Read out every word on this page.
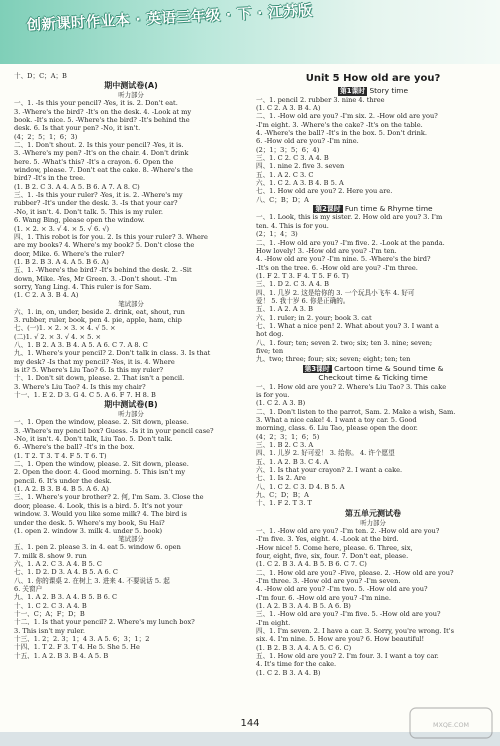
创新课时作业本 · 英语三年级 · 下 · 江苏版
十、D；C；A；B
期中测试卷(A)
听力部分
一、1. -Is this your pencil? -Yes, it is. 2. Don't eat.
3. -Where's the bird? -It's on the desk. 4. -Look at my
book. -It's nice. 5. -Where's the bird? -It's behind the
desk. 6. Is that your pen? -No, it isn't.
(4；2；5；1；6；3)
二、1. Don't shout. 2. Is this your pencil? -Yes, it is.
3. -Where's my pen? -It's on the chair. 4. Don't drink
here. 5. -What's this? -It's a crayon. 6. Open the
window, please. 7. Don't eat the cake. 8. -Where's the
bird? -It's in the tree.
(1. B 2. C 3. A 4. A 5. B 6. A 7. A 8. C)
三、1. -Is this your ruler? -Yes, it is. 2. -Where's my
rubber? -It's under the desk. 3. -Is that your car?
-No, it isn't. 4. Don't talk. 5. This is my ruler.
6. Wang Bing, please open the window.
(1. × 2. × 3. √ 4. × 5. √ 6. √)
四、1. This robot is for you. 2. Is this your ruler? 3. Where
are my books? 4. Where's my book? 5. Don't close the
door, Mike. 6. Where's the ruler?
(1. B 2. B 3. A 4. A 5. B 6. A)
五、1. -Where's the bird? -It's behind the desk. 2. -Sit
down, Mike. -Yes, Mr Green. 3. -Don't shout. -I'm
sorry, Yang Ling. 4. This ruler is for Sam.
(1. C 2. A 3. B 4. A)
笔试部分
六、1. in, on, under, beside 2. drink, eat, shout, run
3. rubber, ruler, book, pen 4. pie, apple, ham, chip
七、(一)1. × 2. × 3. × 4. √ 5. ×
(二)1. √ 2. × 3. √ 4. × 5. ×
八、1. B 2. A 3. B 4. A 5. A 6. C 7. A 8. C
九、1. Where's your pencil? 2. Don't talk in class. 3. Is that
my desk? -Is that my pencil? -Yes, it is. 4. Where
is it? 5. Where's Liu Tao? 6. Is this my ruler?
十、1. Don't sit down, please. 2. That isn't a pencil.
3. Where's Liu Tao? 4. Is this my chair?
十一、1. E 2. D 3. G 4. C 5. A 6. F 7. H 8. B
期中测试卷(B)
听力部分
一、1. Open the window, please. 2. Sit down, please.
3. -Where's my pencil box? Guess. -Is it in your pencil case?
-No, it isn't. 4. Don't talk, Liu Tao. 5. Don't talk.
6. -Where's the ball? -It's in the box.
(1. T 2. T 3. T 4. F 5. T 6. T)
二、1. Open the window, please. 2. Sit down, please.
2. Open the door. 4. Good morning. 5. This isn't my
pencil. 6. It's under the desk.
(1. A 2. B 3. B 4. B 5. A 6. A)
三、1. Where's your brother? 2. 何, I'm Sam. 3. Close the
door, please. 4. Look, this is a bird. 5. It's not your
window. 3. Would you like some milk? 4. The bird is
under the desk. 5. Where's my book, Su Hai?
(1. open 2. window 3. milk 4. under 5. book)
笔试部分
五、1. pen 2. please 3. in 4. eat 5. window 6. open
7. milk 8. show 9. run
六、1. A 2. C 3. A 4. B 5. C
七、1. D 2. D 3. A 4. B 5. A 6. C
八、1. 你的课桌 2. 在树上 3. 进来 4. 不要说话 5. 起
6. 关窗户
九、1. A 2. B 3. A 4. B 5. B 6. C
十、1. C 2. C 3. A 4. B
十一、C；A；F；D；B
十二、1. Is that your pencil? 2. Where's my lunch box?
3. This isn't my ruler.
十三、1. 2；2. 3；1；4 3. A 5. 6；3；1；2
十四、1. T 2. F 3. T 4. He 5. She 5. He
十五、1. A 2. B 3. B 4. A 5. B
Unit 5 How old are you?
第1课时 Story time
一、1. pencil 2. rubber 3. nine 4. three
(1. C 2. A 3. B 4. A)
二、1. -How old are you? -I'm six. 2. -How old are you?
-I'm eight. 3. -Where's the cake? -It's on the table.
4. -Where's the ball? -It's in the box. 5. Don't drink.
6. -How old are you? -I'm nine.
(2；1；3；5；6；4)
三、1. C 2. C 3. A 4. B
四、1. nine 2. five 3. seven
五、1. A 2. C 3. C
六、1. C 2. A 3. B 4. B 5. A
七、1. How old are you? 2. Here you are.
八、C；B；D；A
第2课时 Fun time & Rhyme time
一、1. Look, this is my sister. 2. How old are you? 3. I'm
ten. 4. This is for you.
(2；1；4；3)
二、1. -How old are you? -I'm five. 2. -Look at the panda.
How lovely! 3. -How old are you? -I'm ten.
4. -How old are you? -I'm nine. 5. -Where's the bird?
-It's on the tree. 6. -How old are you? -I'm three.
(1. F 2. T 3. F 4. T 5. F 6. T)
三、1. D 2. C 3. A 4. B
四、1. 几岁 2. 这是给你的 3. 一个玩具小飞车 4. 好可
爱！ 5. 我十岁 6. 你是正确的。
五、1. A 2. A 3. B
六、1. ruler; in 2. your; book 3. cat
七、1. What a nice pen! 2. What about you? 3. I want a
hot dog.
八、1. four; ten; seven 2. two; six; ten 3. nine; seven;
five; ten
九、two; three; four; six; seven; eight; ten; ten
第3课时 Cartoon time & Sound time &
Checkout time & Ticking time
一、1. How old are you? 2. Where's Liu Tao? 3. This cake
is for you.
(1. C 2. A 3. B)
二、1. Don't listen to the parrot, Sam. 2. Make a wish, Sam.
3. What a nice cake! 4. I want a toy car. 5. Good
morning, class. 6. Liu Tao, please open the door.
(4；2；3；1；6；5)
三、1. B 2. C 3. A
四、1. 儿岁 2. 好可爱！ 3. 给你。 4. 许个愿望
五、1. A 2. B 3. C 4. A
六、1. Is that your crayon? 2. I want a cake.
七、1. Is 2. Are
八、1. C 2. C 3. D 4. B 5. A
九、C；D；B；A
十、1. F 2. T 3. T
第五单元测试卷
听力部分
一、1. -How old are you? -I'm ten. 2. -How old are you?
-I'm five. 3. Yes, eight. 4. -Look at the bird.
-How nice! 5. Come here, please. 6. Three, six,
four, eight, five, six, four. 7. Don't eat, please.
(1. C 2. B 3. A 4. B 5. B 6. C 7. C)
二、1. How old are you? -Five, please. 2. -How old are you?
-I'm three. 3. -How old are you? -I'm seven.
4. -How old are you? -I'm two. 5. -How old are you?
-I'm four. 6. -How old are you? -I'm nine.
(1. A 2. B 3. A 4. B 5. A 6. B)
三、1. -How old are you? -I'm five. 5. -How old are you?
-I'm eight.
四、1. I'm seven. 2. I have a car. 3. Sorry, you're wrong. It's
six. 4. I'm nine. 5. How are you? 6. How beautiful!
(1. B 2. B 3. A 4. A 5. C 6. C)
五、1. How old are you? 2. I'm four. 3. I want a toy car.
4. It's time for the cake.
(1. C 2. B 3. A 4. B)
144	MXQE.COM
